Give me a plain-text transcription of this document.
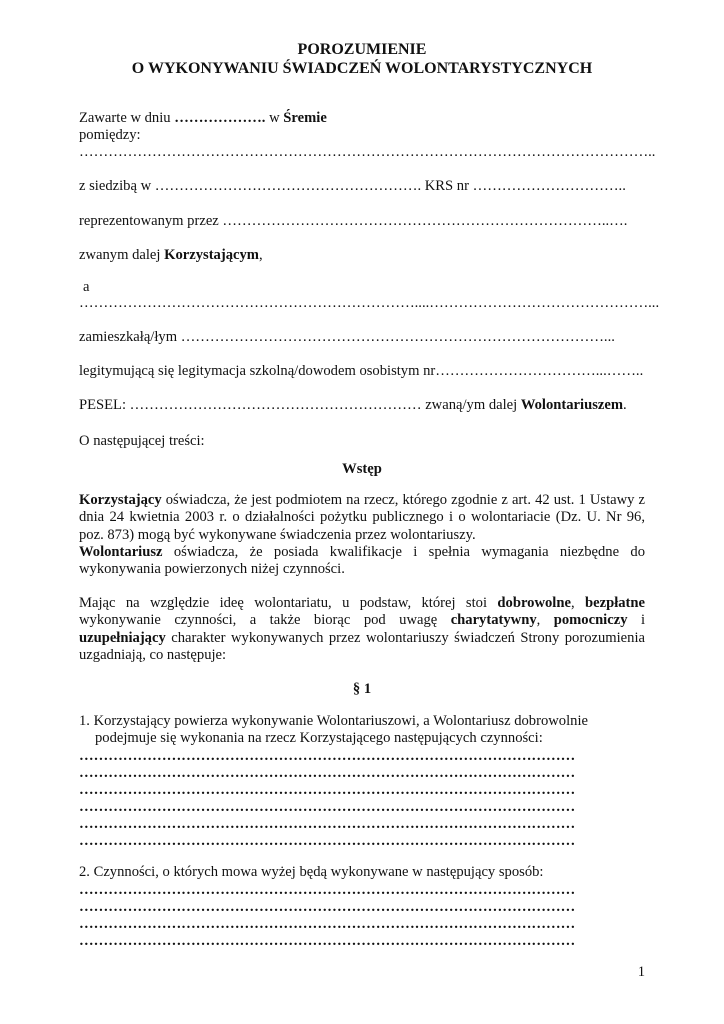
POROZUMIENIE
O WYKONYWANIU ŚWIADCZEŃ WOLONTARYSTYCZNYCH
Zawarte w dniu ………………. w Śremie
pomiędzy:
………………………………………………………………………………………………………..
z siedzibą w ………………………………………………. KRS nr …………………………..
reprezentowanym przez ……………………………………………………………………..….
zwanym dalej Korzystającym,
a
……………………………………………………………....………………………………………...
zamieszkałą/łym ……………………………………………………………………………...
legitymującą się legitymacja szkolną/dowodem osobistym nr……………………………...……..
PESEL: …………………………………………………… zwaną/ym dalej Wolontariuszem.
O następującej treści:
Wstęp
Korzystający oświadcza, że jest podmiotem na rzecz, którego zgodnie z art. 42 ust. 1 Ustawy z dnia 24 kwietnia 2003 r. o działalności pożytku publicznego i o wolontariacie (Dz. U. Nr 96, poz. 873) mogą być wykonywane świadczenia przez wolontariuszy.
Wolontariusz oświadcza, że posiada kwalifikacje i spełnia wymagania niezbędne do wykonywania powierzonych niżej czynności.
Mając na względzie ideę wolontariatu, u podstaw, której stoi dobrowolne, bezpłatne wykonywanie czynności, a także biorąc pod uwagę charytatywny, pomocniczy i uzupełniający charakter wykonywanych przez wolontariuszy świadczeń Strony porozumienia uzgadniają, co następuje:
§ 1
1. Korzystający powierza wykonywanie Wolontariuszowi, a Wolontariusz dobrowolnie
podejmuje się wykonania na rzecz Korzystającego następujących czynności:
…………………………………………………………………………………………
…………………………………………………………………………………………
…………………………………………………………………………………………
…………………………………………………………………………………………
…………………………………………………………………………………………
…………………………………………………………………………………………
2. Czynności, o których mowa wyżej będą wykonywane w następujący sposób:
…………………………………………………………………………………………
…………………………………………………………………………………………
…………………………………………………………………………………………
…………………………………………………………………………………………
1
